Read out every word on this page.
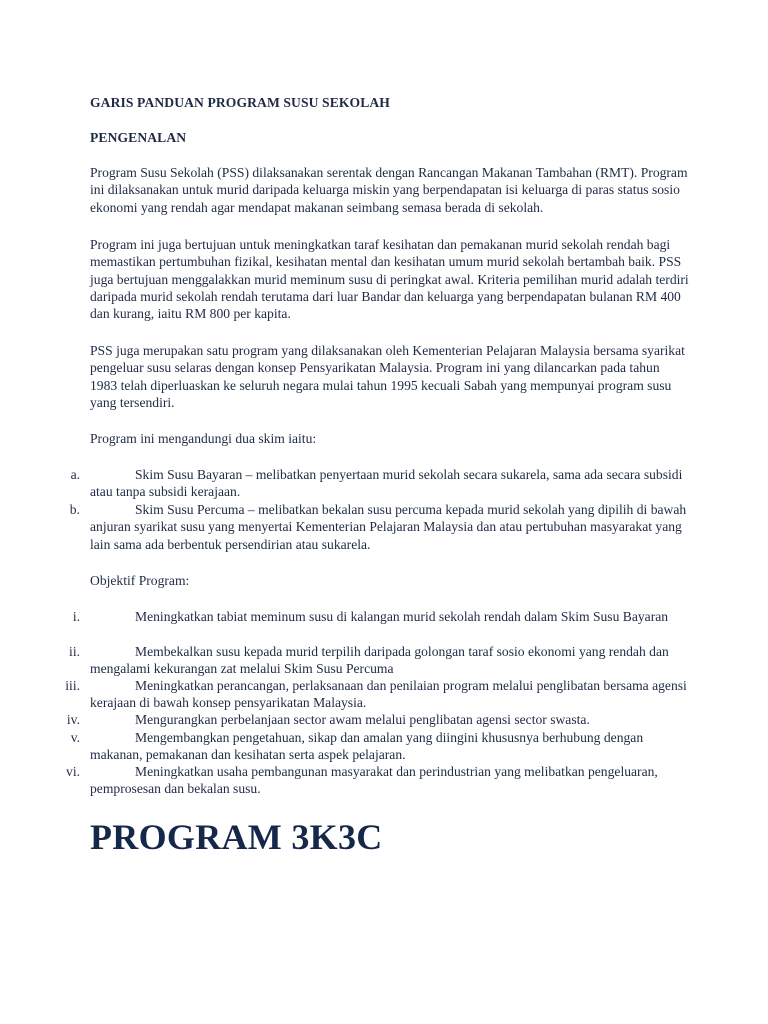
GARIS PANDUAN PROGRAM SUSU SEKOLAH

PENGENALAN

Program Susu Sekolah (PSS) dilaksanakan serentak dengan Rancangan Makanan Tambahan (RMT). Program ini dilaksanakan untuk murid daripada keluarga miskin yang berpendapatan isi keluarga di paras status sosio ekonomi yang rendah agar mendapat makanan seimbang semasa berada di sekolah.

Program ini juga bertujuan untuk meningkatkan taraf kesihatan dan pemakanan murid sekolah rendah bagi memastikan pertumbuhan fizikal, kesihatan mental dan kesihatan umum murid sekolah bertambah baik. PSS juga bertujuan menggalakkan murid meminum susu di peringkat awal. Kriteria pemilihan murid adalah terdiri daripada murid sekolah rendah terutama dari luar Bandar dan keluarga yang berpendapatan bulanan RM 400 dan kurang, iaitu RM 800 per kapita.

PSS juga merupakan satu program yang dilaksanakan oleh Kementerian Pelajaran Malaysia bersama syarikat pengeluar susu selaras dengan konsep Pensyarikatan Malaysia. Program ini yang dilancarkan pada tahun 1983 telah diperluaskan ke seluruh negara mulai tahun 1995 kecuali Sabah yang mempunyai program susu yang tersendiri.

Program ini mengandungi dua skim iaitu:

a.	Skim Susu Bayaran – melibatkan penyertaan murid sekolah secara sukarela, sama ada secara subsidi atau tanpa subsidi kerajaan.
b.	Skim Susu Percuma – melibatkan bekalan susu percuma kepada murid sekolah yang dipilih di bawah anjuran syarikat susu yang menyertai Kementerian Pelajaran Malaysia dan atau pertubuhan masyarakat yang lain sama ada berbentuk persendirian atau sukarela.

Objektif Program:

i.	Meningkatkan tabiat meminum susu di kalangan murid sekolah rendah dalam Skim Susu Bayaran
ii.	Membekalkan susu kepada murid terpilih daripada golongan taraf sosio ekonomi yang rendah dan mengalami kekurangan zat melalui Skim Susu Percuma
iii.	Meningkatkan perancangan, perlaksanaan dan penilaian program melalui penglibatan bersama agensi kerajaan di bawah konsep pensyarikatan Malaysia.
iv.	Mengurangkan perbelanjaan sector awam melalui penglibatan agensi sector swasta.
v.	Mengembangkan pengetahuan, sikap dan amalan yang diingini khususnya berhubung dengan makanan, pemakanan dan kesihatan serta aspek pelajaran.
vi.	Meningkatkan usaha pembangunan masyarakat dan perindustrian yang melibatkan pengeluaran, pemprosesan dan bekalan susu.
PROGRAM 3K3C
